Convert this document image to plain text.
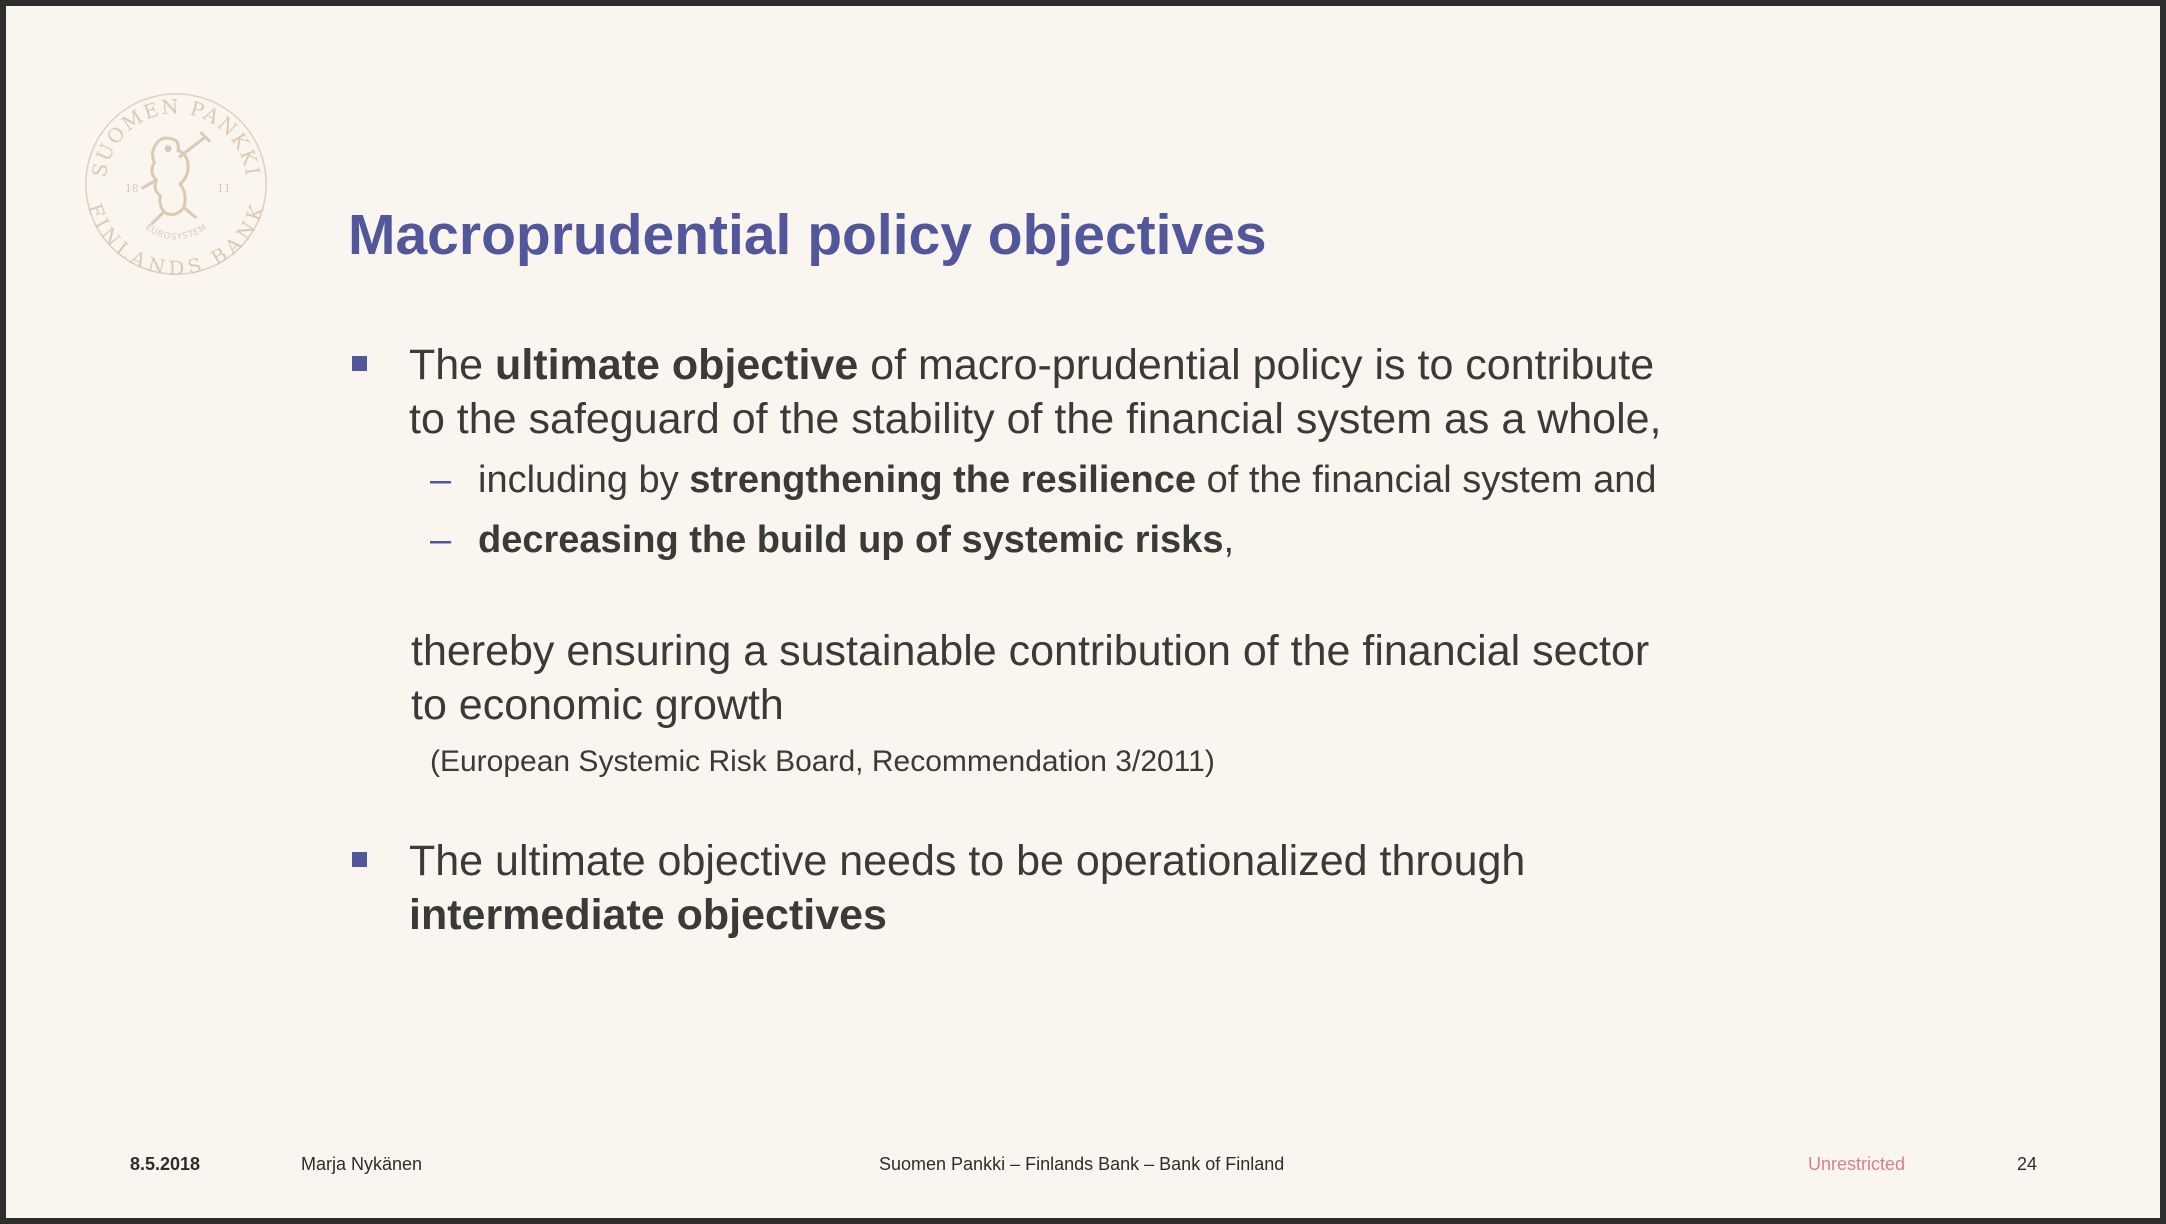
SUOMEN PANKKI
FINLANDS BANK
EUROSYSTEM
18	11
Macroprudential policy objectives
The ultimate objective of macro-prudential policy is to contribute
to the safeguard of the stability of the financial system as a whole,
– including by strengthening the resilience of the financial system and
– decreasing the build up of systemic risks,
thereby ensuring a sustainable contribution of the financial sector
to economic growth
(European Systemic Risk Board, Recommendation 3/2011)
The ultimate objective needs to be operationalized through
intermediate objectives
8.5.2018	Marja Nykänen	Suomen Pankki – Finlands Bank – Bank of Finland	Unrestricted	24
